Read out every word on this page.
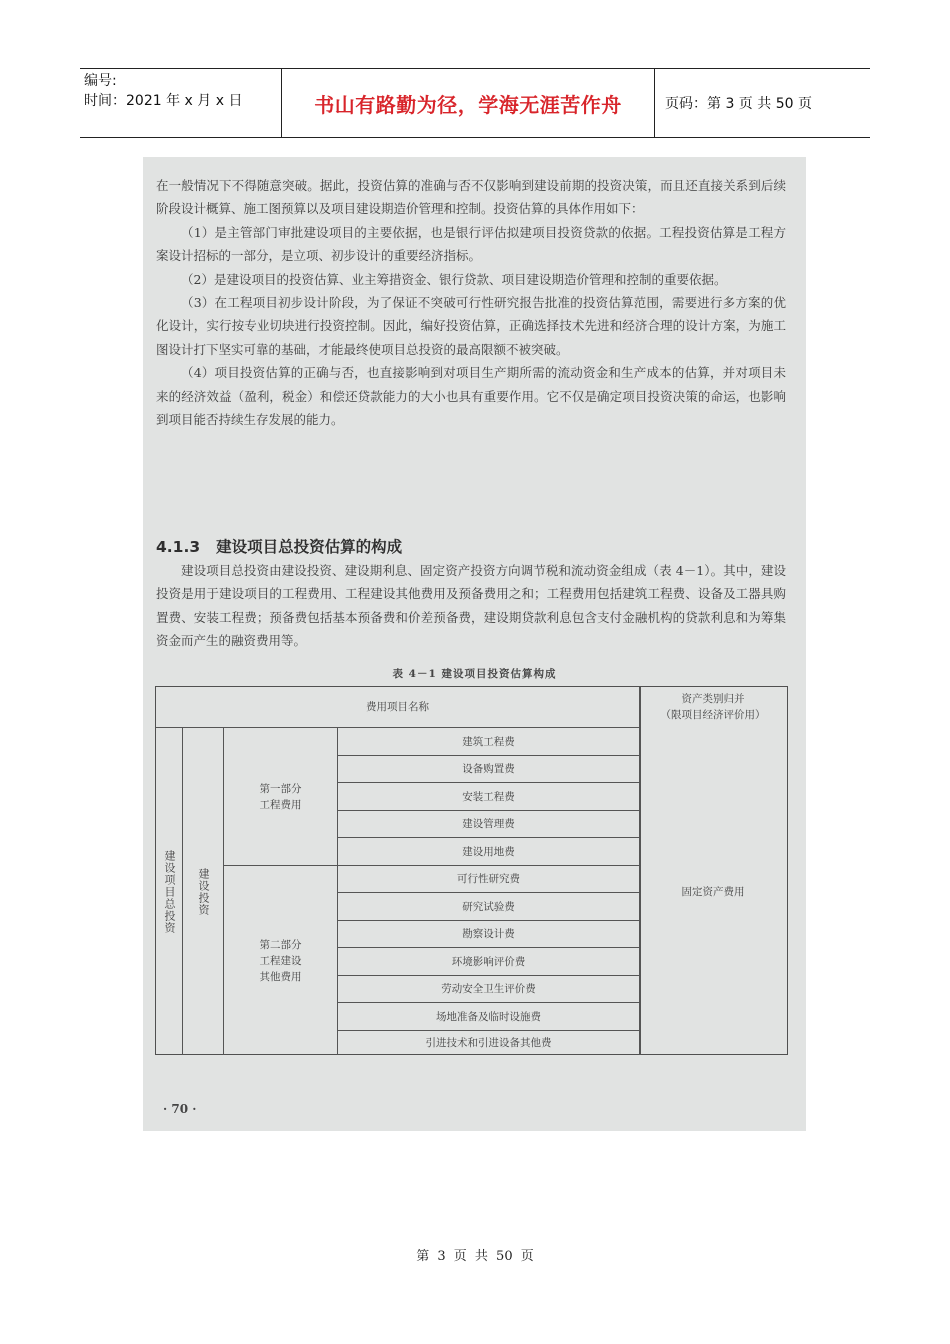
编号:
时间：2021 年 x 月 x 日	书山有路勤为径，学海无涯苦作舟	页码：第 3 页 共 50 页

在一般情况下不得随意突破。据此，投资估算的准确与否不仅影响到建设前期的投资决策，而且还直接关系到后续阶段设计概算、施工图预算以及项目建设期造价管理和控制。投资估算的具体作用如下：

（1）是主管部门审批建设项目的主要依据，也是银行评估拟建项目投资贷款的依据。工程投资估算是工程方案设计招标的一部分，是立项、初步设计的重要经济指标。

（2）是建设项目的投资估算、业主筹措资金、银行贷款、项目建设期造价管理和控制的重要依据。

（3）在工程项目初步设计阶段，为了保证不突破可行性研究报告批准的投资估算范围，需要进行多方案的优化设计，实行按专业切块进行投资控制。因此，编好投资估算，正确选择技术先进和经济合理的设计方案，为施工图设计打下坚实可靠的基础，才能最终使项目总投资的最高限额不被突破。

（4）项目投资估算的正确与否，也直接影响到对项目生产期所需的流动资金和生产成本的估算，并对项目未来的经济效益（盈利，税金）和偿还贷款能力的大小也具有重要作用。它不仅是确定项目投资决策的命运，也影响到项目能否持续生存发展的能力。

4.1.3 建设项目总投资估算的构成

建设项目总投资由建设投资、建设期利息、固定资产投资方向调节税和流动资金组成（表 4－1）。其中，建设投资是用于建设项目的工程费用、工程建设其他费用及预备费用之和；工程费用包括建筑工程费、设备及工器具购置费、安装工程费；预备费包括基本预备费和价差预备费，建设期贷款利息包含支付金融机构的贷款利息和为筹集资金而产生的融资费用等。

表 4－1 建设项目投资估算构成
费用项目名称
资产类别归并
（限项目经济评价用）
建设项目总投资 建设投资
第一部分
工程费用
第二部分
工程建设
其他费用
建筑工程费
设备购置费
安装工程费
建设管理费
建设用地费
可行性研究费
研究试验费
勘察设计费
环境影响评价费
劳动安全卫生评价费
场地准备及临时设施费
引进技术和引进设备其他费
固定资产费用
· 70 ·
第 3 页 共 50 页
